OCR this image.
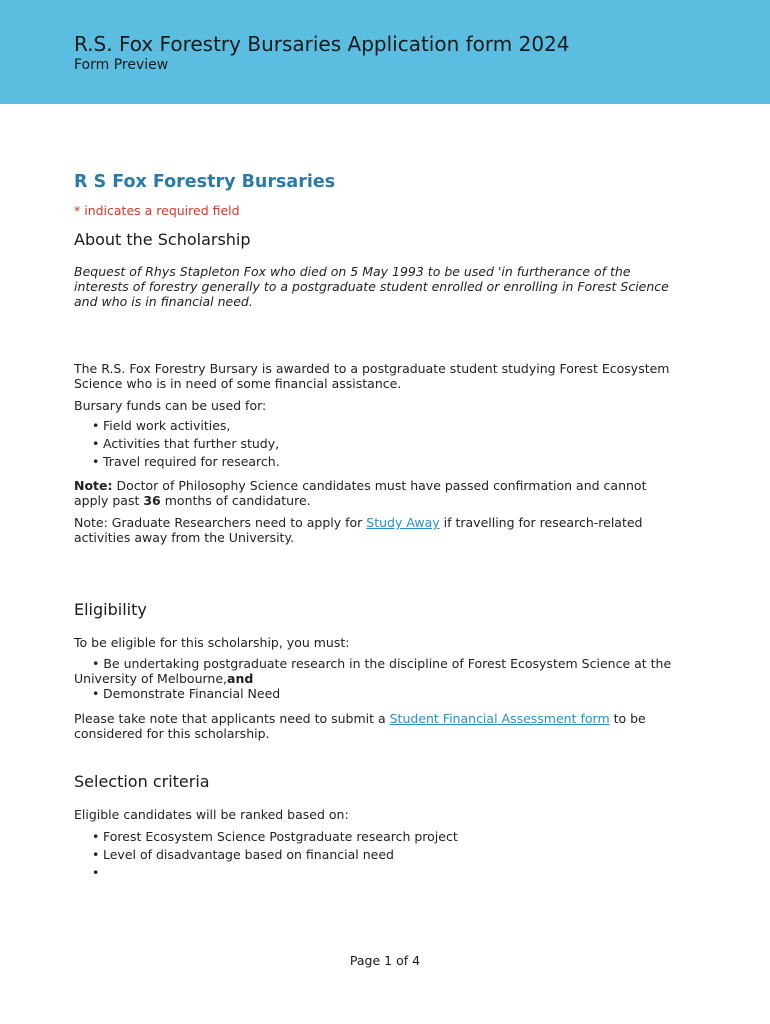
R.S. Fox Forestry Bursaries Application form 2024
Form Preview
R S Fox Forestry Bursaries
* indicates a required field
About the Scholarship

Bequest of Rhys Stapleton Fox who died on 5 May 1993 to be used 'in furtherance of the interests of forestry generally to a postgraduate student enrolled or enrolling in Forest Science and who is in financial need.

The R.S. Fox Forestry Bursary is awarded to a postgraduate student studying Forest Ecosystem Science who is in need of some financial assistance.

Bursary funds can be used for:

• Field work activities,
• Activities that further study,
• Travel required for research.

Note: Doctor of Philosophy Science candidates must have passed confirmation and cannot apply past 36 months of candidature.

Note: Graduate Researchers need to apply for Study Away if travelling for research-related activities away from the University.

Eligibility

To be eligible for this scholarship, you must:

• Be undertaking postgraduate research in the discipline of Forest Ecosystem Science at the University of Melbourne,and
• Demonstrate Financial Need

Please take note that applicants need to submit a Student Financial Assessment form to be considered for this scholarship.

Selection criteria

Eligible candidates will be ranked based on:

• Forest Ecosystem Science Postgraduate research project
• Level of disadvantage based on financial need
•
Page 1 of 4
